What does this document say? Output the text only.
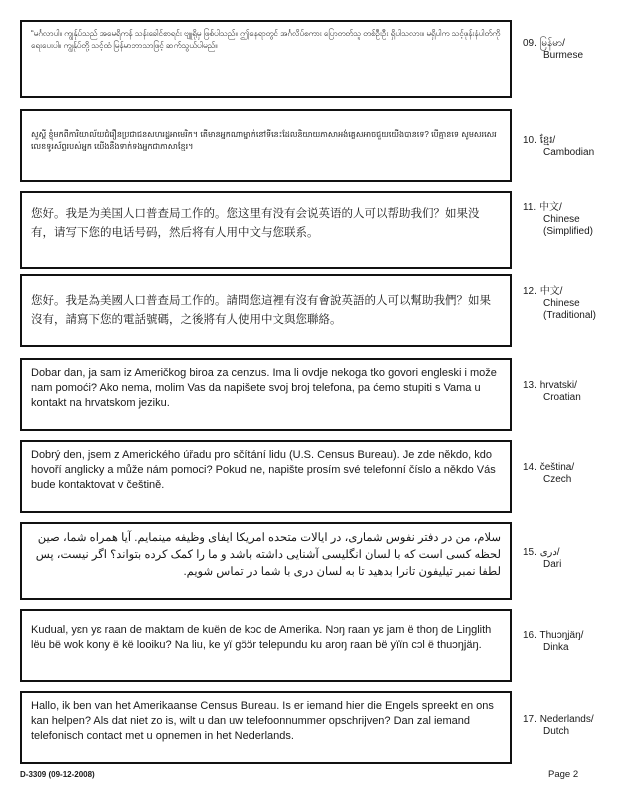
“မင်္ဂလာပါ။ ကျွန်ုပ်သည် အမေရိကန် သန်းခေါင်စာရင်း ဗျူရိုမှ ဖြစ်ပါသည်။ ဤနေရာတွင် အင်္ဂလိပ်စကား ပြောတတ်သူ တစ်ဦးဦး ရှိပါသလား။ မရှိပါက သင့်ဖုန်းနံပါတ်ကို ရေးပေးပါ။ ကျွန်ုပ်တို့ သင့်ထံ မြန်မာဘာသာဖြင့် ဆက်သွယ်ပါမည်။	09. မြန်မာ/
Burmese
សួស្តី ខ្ញុំមកពីការិយាល័យជំរឿនប្រជាជនសហរដ្ឋអាមេរិក។ តើមានអ្នកណាម្នាក់នៅទីនេះដែលនិយាយភាសាអង់គ្លេសអាចជួយយើងបានទេ? បើគ្មានទេ សូមសរសេរលេខទូរស័ព្ទរបស់អ្នក យើងនឹងទាក់ទងអ្នកជាភាសាខ្មែរ។
10. ខ្មែរ/
Cambodian
您好。我是为美国人口普查局工作的。您这里有没有会说英语的人可以帮助我们？如果没有，请写下您的电话号码，然后将有人用中文与您联系。
11. 中文/

Chinese (Simplified)
您好。我是為美國人口普查局工作的。請問您這裡有沒有會說英語的人可以幫助我們？如果沒有，請寫下您的電話號碼，之後將有人使用中文與您聯絡。
12. 中文/

Chinese (Traditional)
Dobar dan, ja sam iz Američkog biroa za cenzus. Ima li ovdje nekoga tko govori engleski i može nam pomoći? Ako nema, molim Vas da napišete svoj broj telefona, pa ćemo stupiti s Vama u kontakt na hrvatskom jeziku.
13. hrvatski/
Croatian
Dobrý den, jsem z Amerického úřadu pro sčítání lidu (U.S. Census Bureau). Je zde někdo, kdo hovoří anglicky a může nám pomoci? Pokud ne, napište prosím své telefonní číslo a někdo Vás bude kontaktovat v češtině.
14. čeština/
Czech
سلام، من در دفتر نفوس شماری، در ایالات متحده امریکا ایفای وظیفه مینمایم. آیا همراه شما، صین لحظه کسی است که با لسان انگلیسی آشنایی داشته باشد و ما را کمک کرده بتواند؟ اگر نیست، پس لطفا نمبر تیلیفون تانرا بدهید تا به لسان دری با شما در تماس شویم.
15. دری/
Dari
Kudual, yɛn yɛ raan de maktam de kuën de kɔc de Amerika. Nɔŋ raan yɛ jam ë thoŋ de Liŋglith lëu bë wok kony ë kë looiku? Na liu, ke yï gɔ̈ɔ̈r telepundu ku aroŋ raan bë yïïn cɔl ë thuɔŋjäŋ.
16. Thuɔŋjäŋ/
Dinka
Hallo, ik ben van het Amerikaanse Census Bureau. Is er iemand hier die Engels spreekt en ons kan helpen? Als dat niet zo is, wilt u dan uw telefoonnummer opschrijven? Dan zal iemand telefonisch contact met u opnemen in het Nederlands.
17. Nederlands/
Dutch
D-3309 (09-12-2008)	Page 2
